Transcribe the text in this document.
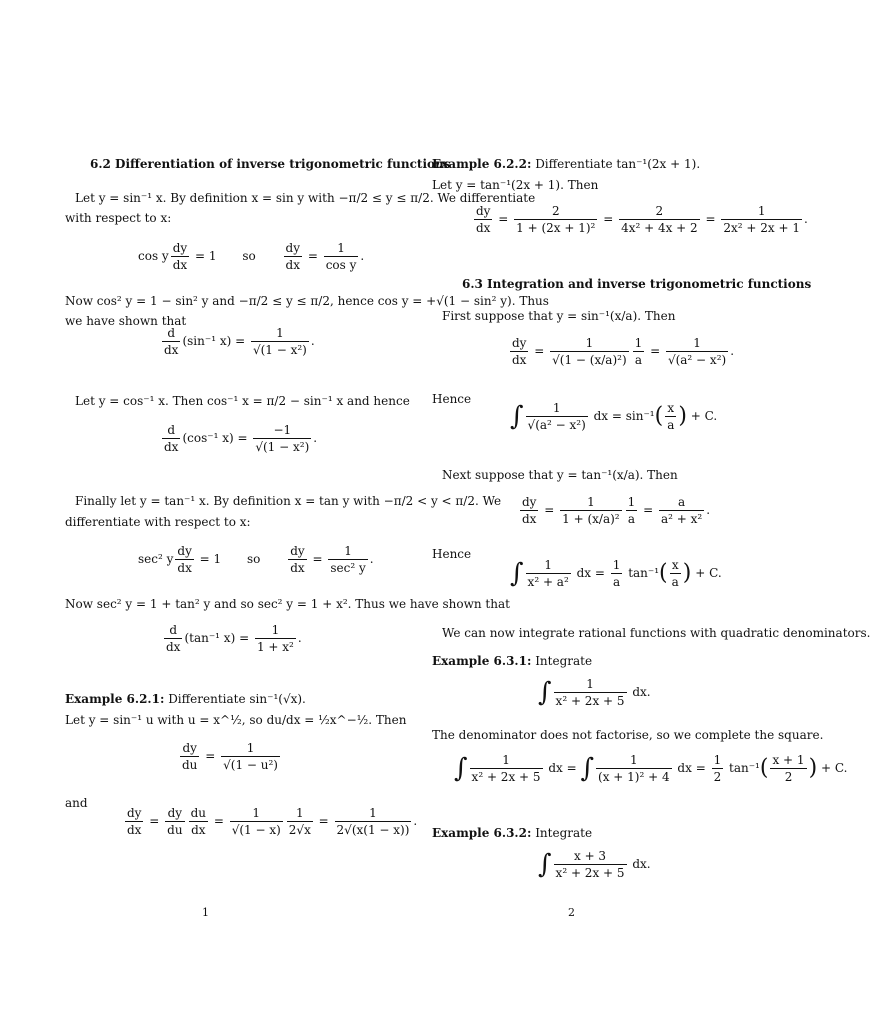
6.2 Differentiation of inverse trigonometric functions
Let y = sin⁻¹ x. By definition x = sin y with −π/2 ≤ y ≤ π/2. We differentiate
with respect to x:
cos y $\frac{dy}{dx} = 1$ so $\frac{dy}{dx} = \frac{1}{\text{cos y}}$ .
Now cos² y = 1 − sin² y and −π/2 ≤ y ≤ π/2, hence cos y = +√(1 − sin² y). Thus
we have shown that
$\frac{d}{dx} (\sin^{-1}$ $x) = \frac{1}{\text{√(1 − x²)}}$ .
Let y = cos⁻¹ x. Then cos⁻¹ x = π/2 − sin⁻¹ x and hence
$\frac{d}{dx} (\cos^{-1}$ $x) = \frac{-1}{\text{√(1 − x²)}}$ .
Finally let y = tan⁻¹ x. By definition x = tan y with −π/2 < y < π/2. We
differentiate with respect to x:
sec² y $\frac{dy}{dx} = 1$ so $\frac{dy}{dx} = \frac{1}{\text{sec² y}}$ .
Now sec² y = 1 + tan² y and so sec² y = 1 + x². Thus we have shown that
$\frac{d}{dx} (\tan^{-1}$ $x) = \frac{1}{\text{1 + x²}}$ .
Example 6.2.1: Differentiate sin⁻¹(√x).
Let y = sin⁻¹ u with u = x^½, so du/dx = ½x^−½. Then
$\frac{dy}{du} = \frac{1}{\text{√(1 − u²)}}$
and
$\frac{dy}{dx} = \frac{dy}{du} \frac{du}{dx} = \frac{1}{√(1 - x)} \frac{1}{2√x} = \frac{1}{2√(x(1 - x))}$ .
1
Example 6.2.2: Differentiate tan⁻¹(2x + 1).
Let y = tan⁻¹(2x + 1). Then
$\frac{dy}{dx} = \frac{2}{\text{1 + (2x + 1)²}} = \frac{2}{\text{4x² + 4x + 2}} = \frac{1}{\text{2x² + 2x + 1}}$ .
6.3 Integration and inverse trigonometric functions
First suppose that y = sin⁻¹(x/a). Then
$\frac{dy}{dx} = \frac{1}{\text{√(1 − (x/a)²)}} \frac{1}{a} = \frac{1}{\text{√(a² − x²)}}$ .
Hence
∫ $\frac{1}{\text{√(a² − x²)}}$ dx = $\sin^{-1}( \frac{x}{a}$ ) + C.
Next suppose that y = tan⁻¹(x/a). Then
$\frac{dy}{dx} = \frac{1}{\text{1 + (x/a)²}} \frac{1}{a} = \frac{a}{\text{a² + x²}}$ .
Hence
∫ $\frac{1}{\text{x² + a²}}$ dx = $\frac{1}{a} \tan^{-1}( \frac{x}{a}$ ) + C.
We can now integrate rational functions with quadratic denominators.
Example 6.3.1: Integrate
∫ $\frac{1}{\text{x² + 2x + 5}}$ dx.
The denominator does not factorise, so we complete the square.
∫ $\frac{1}{\text{x² + 2x + 5}}$ dx = ∫ $\frac{1}{\text{(x + 1)² + 4}}$ dx = $\frac{1}{2} \tan^{-1}( \frac{x + 1}{2}$ ) + C.
Example 6.3.2: Integrate
∫ $\frac{x + 3}{\text{x² + 2x + 5}}$ dx.
2
